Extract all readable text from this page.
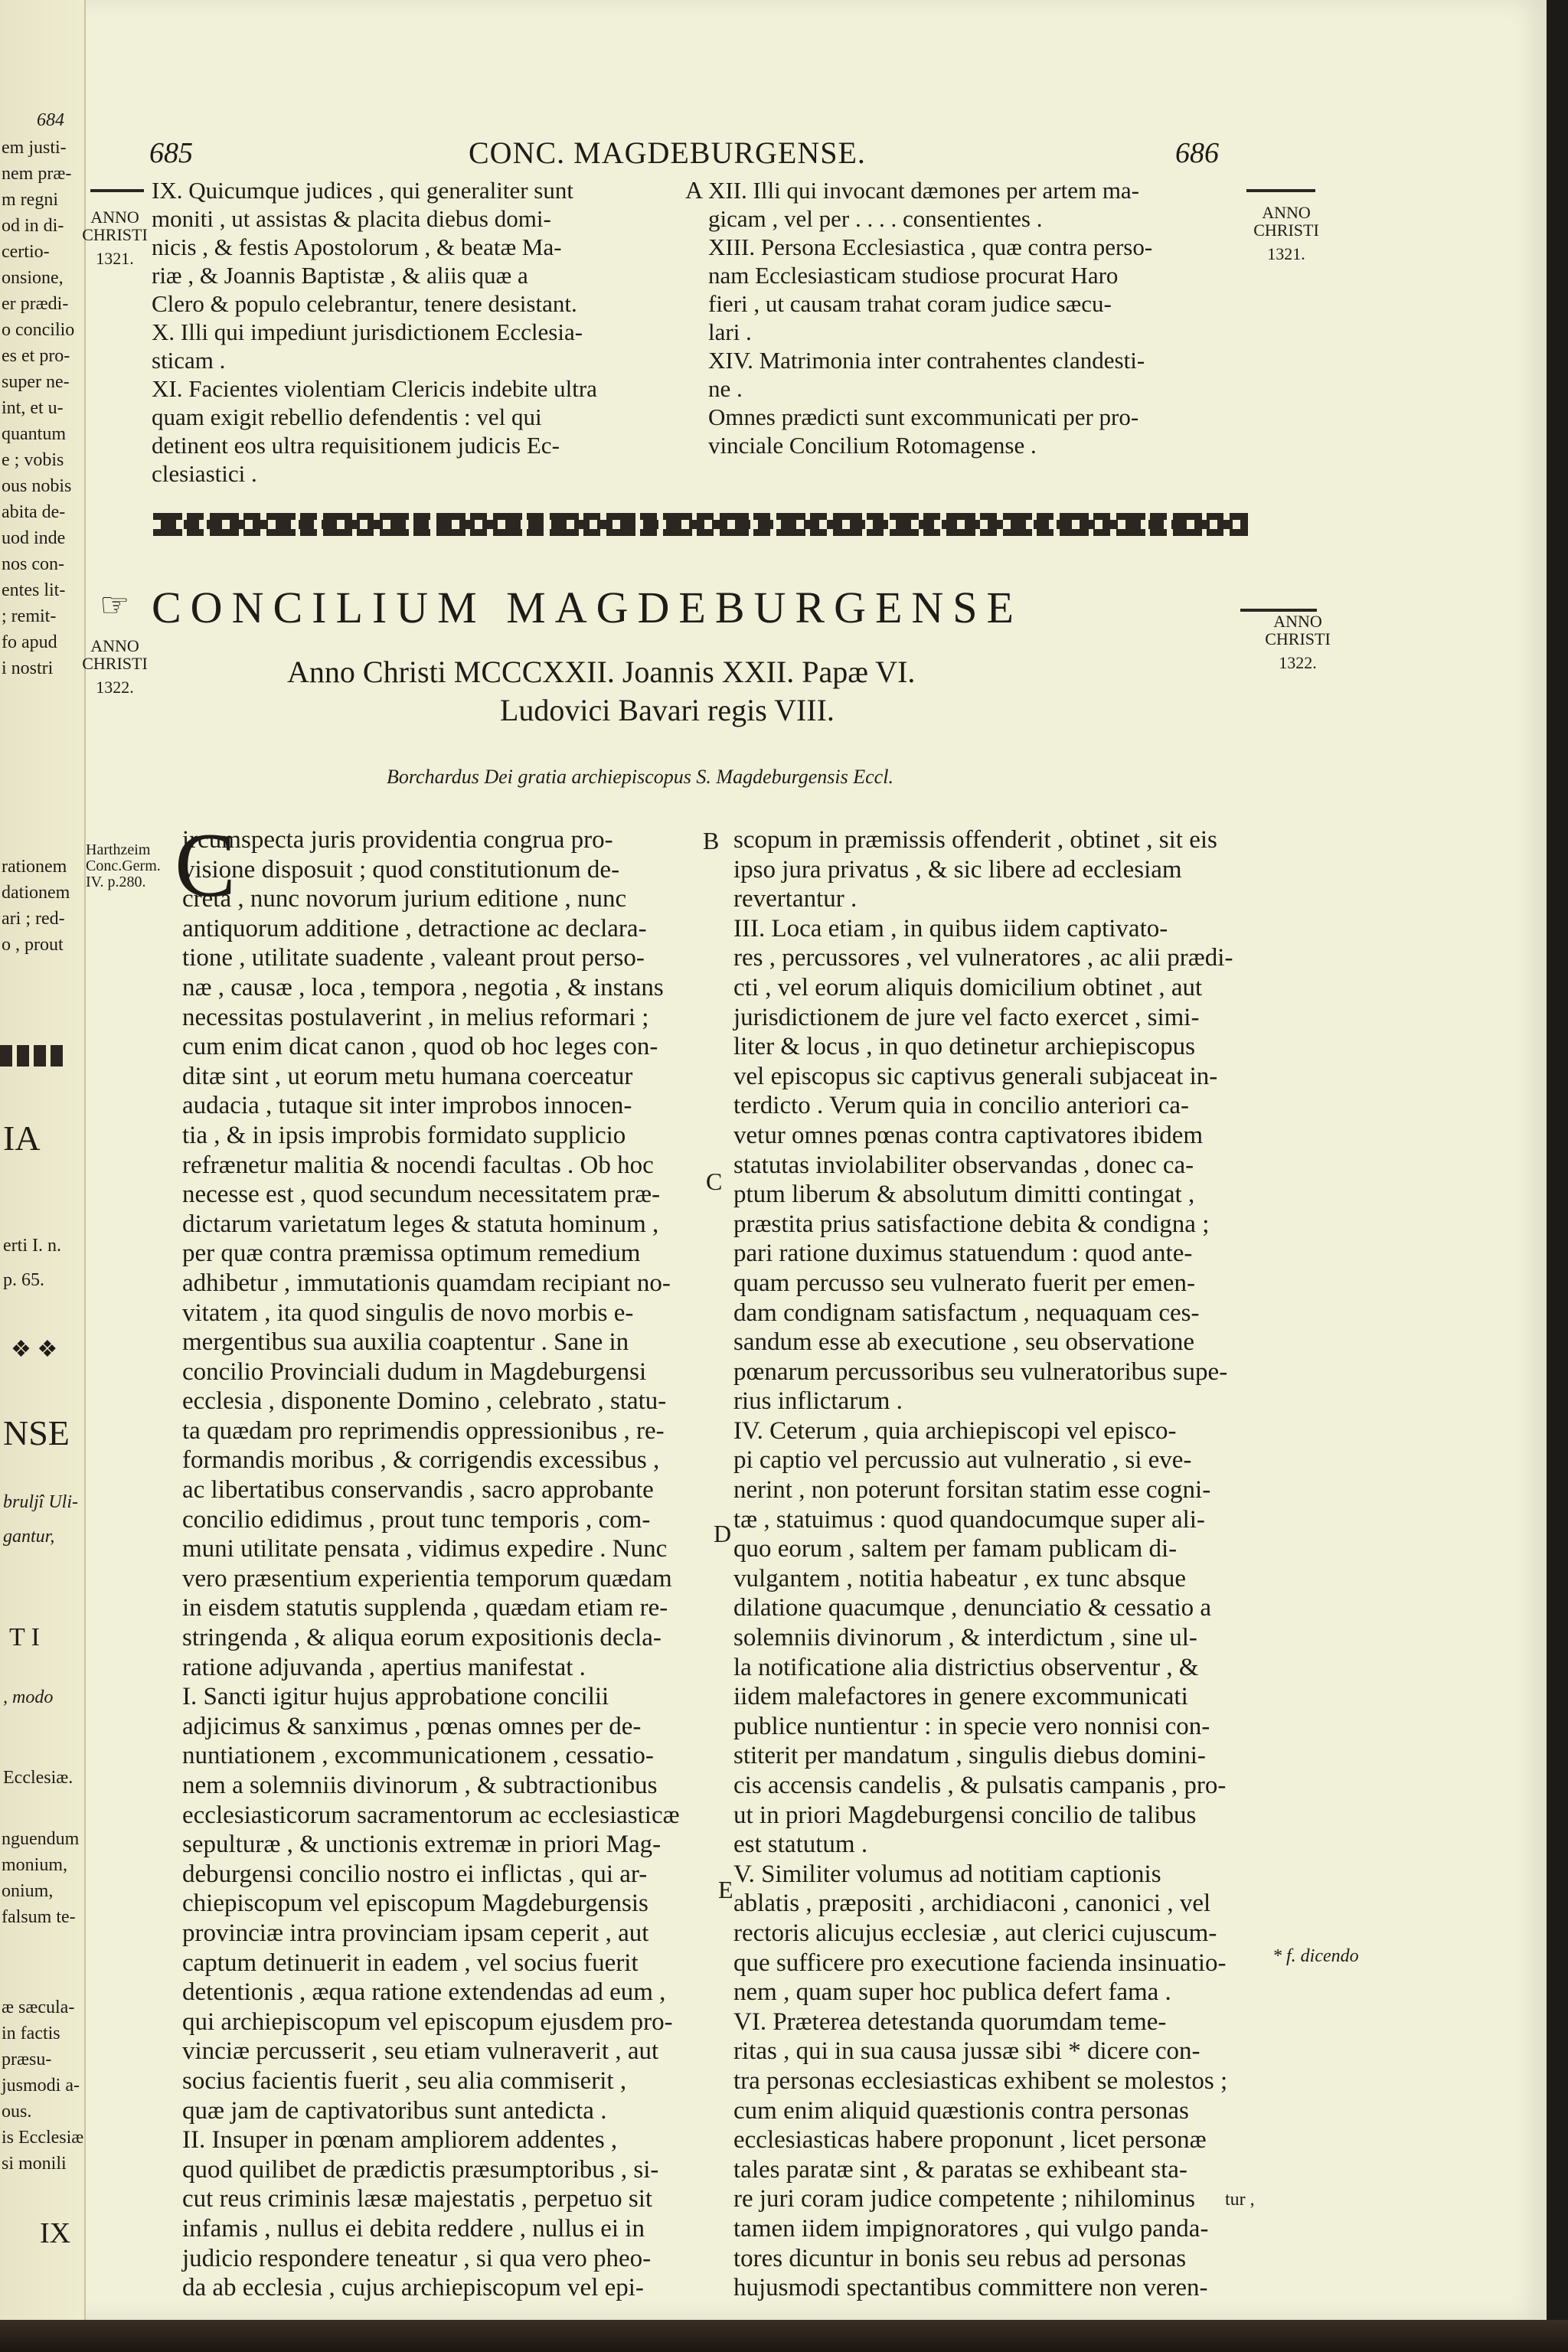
684
em justi-
nem præ-
m regni
od in di-
certio-
onsione,
er prædi-
o concilio
es et pro-
super ne-
int, et u-
quantum
e ; vobis
ous nobis
abita de-
uod inde
nos con-
entes lit-
; remit-
fo apud
i nostri
rationem
dationem
ari ; red-
o , prout
IA
erti I. n.
p. 65.
❖ ❖
NSE
bruljî Uli-
gantur,
T I
, modo
Ecclesiæ.
nguendum
monium,
onium,
falsum te-
æ sæcula-
in factis
præsu-
jusmodi a-
ous.
is Ecclesiæ
si monili
IX
685	CONC. MAGDEBURGENSE.	686
ANNO CHRISTI
1321.
ANNO CHRISTI
1321.
IX. Quicumque judices , qui generaliter sunt
moniti , ut assistas & placita diebus domi-
nicis , & festis Apostolorum , & beatæ Ma-
riæ , & Joannis Baptistæ , & aliis quæ a
Clero & populo celebrantur, tenere desistant.
X. Illi qui impediunt jurisdictionem Ecclesia-
sticam .
XI. Facientes violentiam Clericis indebite ultra
quam exigit rebellio defendentis : vel qui
detinent eos ultra requisitionem judicis Ec-
clesiastici .
A XII. Illi qui invocant dæmones per artem ma-
gicam , vel per . . . . consentientes .
XIII. Persona Ecclesiastica , quæ contra perso-
nam Ecclesiasticam studiose procurat Haro
fieri , ut causam trahat coram judice sæcu-
lari .
XIV. Matrimonia inter contrahentes clandesti-
ne .
Omnes prædicti sunt excommunicati per pro-
vinciale Concilium Rotomagense .
☞ CONCILIUM MAGDEBURGENSE
ANNO CHRISTI
1322.
ANNO CHRISTI
1322.
Anno Christi MCCCXXII. Joannis XXII. Papæ VI.
Ludovici Bavari regis VIII.
Borchardus Dei gratia archiepiscopus S. Magdeburgensis Eccl.
Harthzeim Conc.Germ. IV. p.280. C
ircumspecta juris providentia congrua pro-
visione disposuit ; quod constitutionum de-
creta , nunc novorum jurium editione , nunc
antiquorum additione , detractione ac declara-
tione , utilitate suadente , valeant prout perso-
næ , causæ , loca , tempora , negotia , & instans
necessitas postulaverint , in melius reformari ;
cum enim dicat canon , quod ob hoc leges con-
ditæ sint , ut eorum metu humana coerceatur
audacia , tutaque sit inter improbos innocen-
tia , & in ipsis improbis formidato supplicio
refrænetur malitia & nocendi facultas . Ob hoc
necesse est , quod secundum necessitatem præ-
dictarum varietatum leges & statuta hominum ,
per quæ contra præmissa optimum remedium
adhibetur , immutationis quamdam recipiant no-
vitatem , ita quod singulis de novo morbis e-
mergentibus sua auxilia coaptentur . Sane in
concilio Provinciali dudum in Magdeburgensi
ecclesia , disponente Domino , celebrato , statu-
ta quædam pro reprimendis oppressionibus , re-
formandis moribus , & corrigendis excessibus ,
ac libertatibus conservandis , sacro approbante
concilio edidimus , prout tunc temporis , com-
muni utilitate pensata , vidimus expedire . Nunc
vero præsentium experientia temporum quædam
in eisdem statutis supplenda , quædam etiam re-
stringenda , & aliqua eorum expositionis decla-
ratione adjuvanda , apertius manifestat .
I. Sancti igitur hujus approbatione concilii
adjicimus & sanximus , pœnas omnes per de-
nuntiationem , excommunicationem , cessatio-
nem a solemniis divinorum , & subtractionibus
ecclesiasticorum sacramentorum ac ecclesiasticæ
sepulturæ , & unctionis extremæ in priori Mag-
deburgensi concilio nostro ei inflictas , qui ar-
chiepiscopum vel episcopum Magdeburgensis
provinciæ intra provinciam ipsam ceperit , aut
captum detinuerit in eadem , vel socius fuerit
detentionis , æqua ratione extendendas ad eum ,
qui archiepiscopum vel episcopum ejusdem pro-
vinciæ percusserit , seu etiam vulneraverit , aut
socius facientis fuerit , seu alia commiserit ,
quæ jam de captivatoribus sunt antedicta .
II. Insuper in pœnam ampliorem addentes ,
quod quilibet de prædictis præsumptoribus , si-
cut reus criminis læsæ majestatis , perpetuo sit
infamis , nullus ei debita reddere , nullus ei in
judicio respondere teneatur , si qua vero pheo-
da ab ecclesia , cujus archiepiscopum vel epi-
B
C
D
E
scopum in præmissis offenderit , obtinet , sit eis
ipso jura privatus , & sic libere ad ecclesiam
revertantur .
III. Loca etiam , in quibus iidem captivato-
res , percussores , vel vulneratores , ac alii prædi-
cti , vel eorum aliquis domicilium obtinet , aut
jurisdictionem de jure vel facto exercet , simi-
liter & locus , in quo detinetur archiepiscopus
vel episcopus sic captivus generali subjaceat in-
terdicto . Verum quia in concilio anteriori ca-
vetur omnes pœnas contra captivatores ibidem
statutas inviolabiliter observandas , donec ca-
ptum liberum & absolutum dimitti contingat ,
præstita prius satisfactione debita & condigna ;
pari ratione duximus statuendum : quod ante-
quam percusso seu vulnerato fuerit per emen-
dam condignam satisfactum , nequaquam ces-
sandum esse ab executione , seu observatione
pœnarum percussoribus seu vulneratoribus supe-
rius inflictarum .
IV. Ceterum , quia archiepiscopi vel episco-
pi captio vel percussio aut vulneratio , si eve-
nerint , non poterunt forsitan statim esse cogni-
tæ , statuimus : quod quandocumque super ali-
quo eorum , saltem per famam publicam di-
vulgantem , notitia habeatur , ex tunc absque
dilatione quacumque , denunciatio & cessatio a
solemniis divinorum , & interdictum , sine ul-
la notificatione alia districtius observentur , &
iidem malefactores in genere excommunicati
publice nuntientur : in specie vero nonnisi con-
stiterit per mandatum , singulis diebus domini-
cis accensis candelis , & pulsatis campanis , pro-
ut in priori Magdeburgensi concilio de talibus
est statutum .
V. Similiter volumus ad notitiam captionis
ablatis , præpositi , archidiaconi , canonici , vel
rectoris alicujus ecclesiæ , aut clerici cujuscum-
que sufficere pro executione facienda insinuatio-
nem , quam super hoc publica defert fama .
VI. Præterea detestanda quorumdam teme-
ritas , qui in sua causa jussæ sibi * dicere con-
tra personas ecclesiasticas exhibent se molestos ;
cum enim aliquid quæstionis contra personas
ecclesiasticas habere proponunt , licet personæ
tales paratæ sint , & paratas se exhibeant sta-
re juri coram judice competente ; nihilominus
tamen iidem impignoratores , qui vulgo panda-
tores dicuntur in bonis seu rebus ad personas
hujusmodi spectantibus committere non veren-
* f. dicendo
tur ,
